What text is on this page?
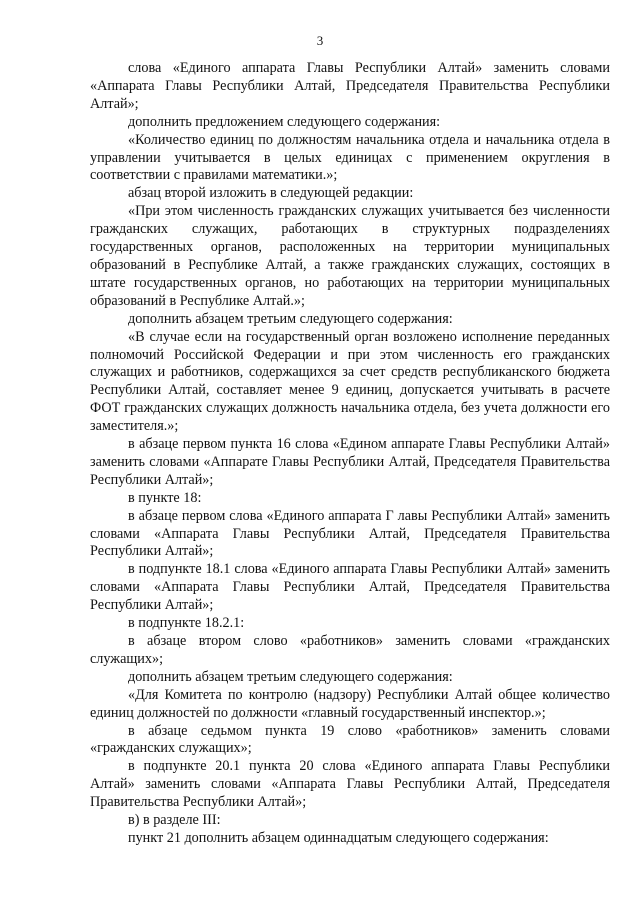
3

слова «Единого аппарата Главы Республики Алтай» заменить словами «Аппарата Главы Республики Алтай, Председателя Правительства Республики Алтай»;

дополнить предложением следующего содержания:

«Количество единиц по должностям начальника отдела и начальника отдела в управлении учитывается в целых единицах с применением округления в соответствии с правилами математики.»;

абзац второй изложить в следующей редакции:

«При этом численность гражданских служащих учитывается без численности гражданских служащих, работающих в структурных подразделениях государственных органов, расположенных на территории муниципальных образований в Республике Алтай, а также гражданских служащих, состоящих в штате государственных органов, но работающих на территории муниципальных образований в Республике Алтай.»;

дополнить абзацем третьим следующего содержания:

«В случае если на государственный орган возложено исполнение переданных полномочий Российской Федерации и при этом численность его гражданских служащих и работников, содержащихся за счет средств республиканского бюджета Республики Алтай, составляет менее 9 единиц, допускается учитывать в расчете ФОТ гражданских служащих должность начальника отдела, без учета должности его заместителя.»;

в абзаце первом пункта 16 слова «Едином аппарате Главы Республики Алтай» заменить словами «Аппарате Главы Республики Алтай, Председателя Правительства Республики Алтай»;

в пункте 18:

в абзаце первом слова «Единого аппарата Г лавы Республики Алтай» заменить словами «Аппарата Главы Республики Алтай, Председателя Правительства Республики Алтай»;

в подпункте 18.1 слова «Единого аппарата Главы Республики Алтай» заменить словами «Аппарата Главы Республики Алтай, Председателя Правительства Республики Алтай»;

в подпункте 18.2.1:

в абзаце втором слово «работников» заменить словами «гражданских служащих»;

дополнить абзацем третьим следующего содержания:

«Для Комитета по контролю (надзору) Республики Алтай общее количество единиц должностей по должности «главный государственный инспектор.»;

в абзаце седьмом пункта 19 слово «работников» заменить словами «гражданских служащих»;

в подпункте 20.1 пункта 20 слова «Единого аппарата Главы Республики Алтай» заменить словами «Аппарата Главы Республики Алтай, Председателя Правительства Республики Алтай»;

в) в разделе III:

пункт 21 дополнить абзацем одиннадцатым следующего содержания:
